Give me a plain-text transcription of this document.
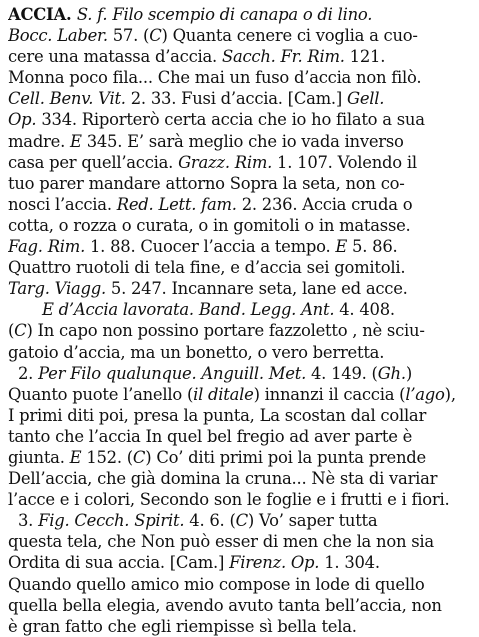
ACCIA. S. f. Filo scempio di canapa o di lino.
Bocc. Laber. 57. (C) Quanta cenere ci voglia a cuo-
cere una matassa d’accia. Sacch. Fr. Rim. 121.
Monna poco fila... Che mai un fuso d’accia non filò.
Cell. Benv. Vit. 2. 33. Fusi d’accia. [Cam.] Gell.
Op. 334. Riporterò certa accia che io ho filato a sua
madre. E 345. E’ sarà meglio che io vada inverso
casa per quell’accia. Grazz. Rim. 1. 107. Volendo il
tuo parer mandare attorno Sopra la seta, non co-
nosci l’accia. Red. Lett. fam. 2. 236. Accia cruda o
cotta, o rozza o curata, o in gomitoli o in matasse.
Fag. Rim. 1. 88. Cuocer l’accia a tempo. E 5. 86.
Quattro ruotoli di tela fine, e d’accia sei gomitoli.
Targ. Viagg. 5. 247. Incannare seta, lane ed acce.
E d’Accia lavorata. Band. Legg. Ant. 4. 408.
(C) In capo non possino portare fazzoletto , nè sciu-
gatoio d’accia, ma un bonetto, o vero berretta.
2. Per Filo qualunque. Anguill. Met. 4. 149. (Gh.)
Quanto puote l’anello (il ditale) innanzi il caccia (l’ago),
I primi diti poi, presa la punta, La scostan dal collar
tanto che l’accia In quel bel fregio ad aver parte è
giunta. E 152. (C) Co’ diti primi poi la punta prende
Dell’accia, che già domina la cruna... Nè sta di variar
l’acce e i colori, Secondo son le foglie e i frutti e i fiori.
3. Fig. Cecch. Spirit. 4. 6. (C) Vo’ saper tutta
questa tela, che Non può esser di men che la non sia
Ordita di sua accia. [Cam.] Firenz. Op. 1. 304.
Quando quello amico mio compose in lode di quello
quella bella elegia, avendo avuto tanta bell’accia, non
è gran fatto che egli riempisse sì bella tela.
